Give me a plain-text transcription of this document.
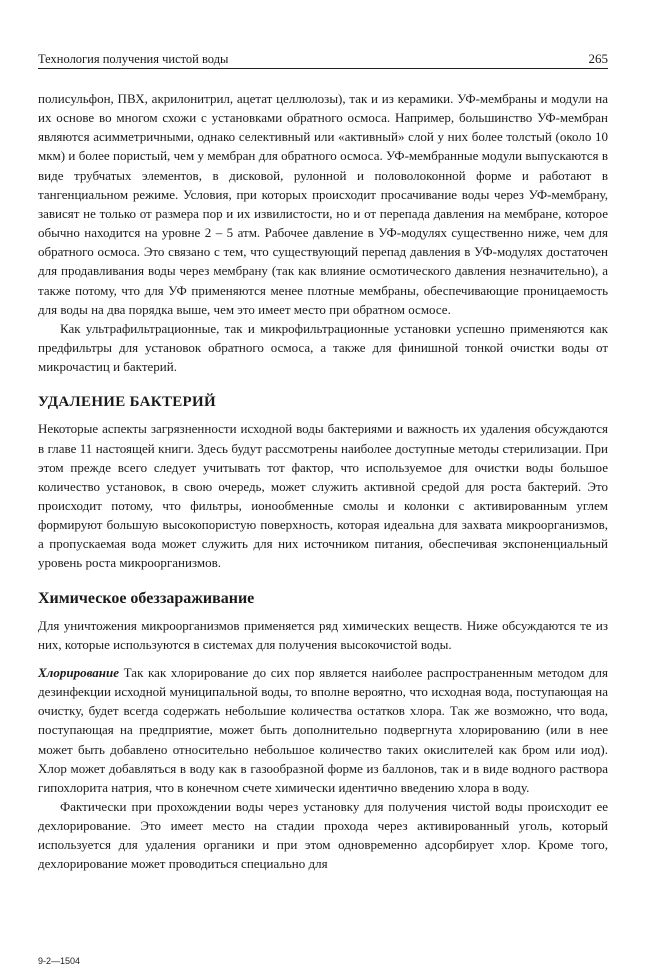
Технология получения чистой воды	265

полисульфон, ПВХ, акрилонитрил, ацетат целлюлозы), так и из керамики. УФ-мембраны и модули на их основе во многом схожи с установками обратного осмоса. Например, большинство УФ-мембран являются асимметричными, однако селективный или «активный» слой у них более толстый (около 10 мкм) и более пористый, чем у мембран для обратного осмоса. УФ-мембранные модули выпускаются в виде трубчатых элементов, в дисковой, рулонной и половолоконной форме и работают в тангенциальном режиме. Условия, при которых происходит просачивание воды через УФ-мембрану, зависят не только от размера пор и их извилистости, но и от перепада давления на мембране, которое обычно находится на уровне 2 – 5 атм. Рабочее давление в УФ-модулях существенно ниже, чем для обратного осмоса. Это связано с тем, что существующий перепад давления в УФ-модулях достаточен для продавливания воды через мембрану (так как влияние осмотического давления незначительно), а также потому, что для УФ применяются менее плотные мембраны, обеспечивающие проницаемость для воды на два порядка выше, чем это имеет место при обратном осмосе.

Как ультрафильтрационные, так и микрофильтрационные установки успешно применяются как предфильтры для установок обратного осмоса, а также для финишной тонкой очистки воды от микрочастиц и бактерий.

УДАЛЕНИЕ БАКТЕРИЙ

Некоторые аспекты загрязненности исходной воды бактериями и важность их удаления обсуждаются в главе 11 настоящей книги. Здесь будут рассмотрены наиболее доступные методы стерилизации. При этом прежде всего следует учитывать тот фактор, что используемое для очистки воды большое количество установок, в свою очередь, может служить активной средой для роста бактерий. Это происходит потому, что фильтры, ионообменные смолы и колонки с активированным углем формируют большую высокопористую поверхность, которая идеальна для захвата микроорганизмов, а пропускаемая вода может служить для них источником питания, обеспечивая экспоненциальный уровень роста микроорганизмов.

Химическое обеззараживание

Для уничтожения микроорганизмов применяется ряд химических веществ. Ниже обсуждаются те из них, которые используются в системах для получения высокочистой воды.

Хлорирование Так как хлорирование до сих пор является наиболее распространенным методом для дезинфекции исходной муниципальной воды, то вполне вероятно, что исходная вода, поступающая на очистку, будет всегда содержать небольшие количества остатков хлора. Так же возможно, что вода, поступающая на предприятие, может быть дополнительно подвергнута хлорированию (или в нее может быть добавлено относительно небольшое количество таких окислителей как бром или иод). Хлор может добавляться в воду как в газообразной форме из баллонов, так и в виде водного раствора гипохлорита натрия, что в конечном счете химически идентично введению хлора в воду.

Фактически при прохождении воды через установку для получения чистой воды происходит ее дехлорирование. Это имеет место на стадии прохода через активированный уголь, который используется для удаления органики и при этом одновременно адсорбирует хлор. Кроме того, дехлорирование может проводиться специально для

9-2—1504
